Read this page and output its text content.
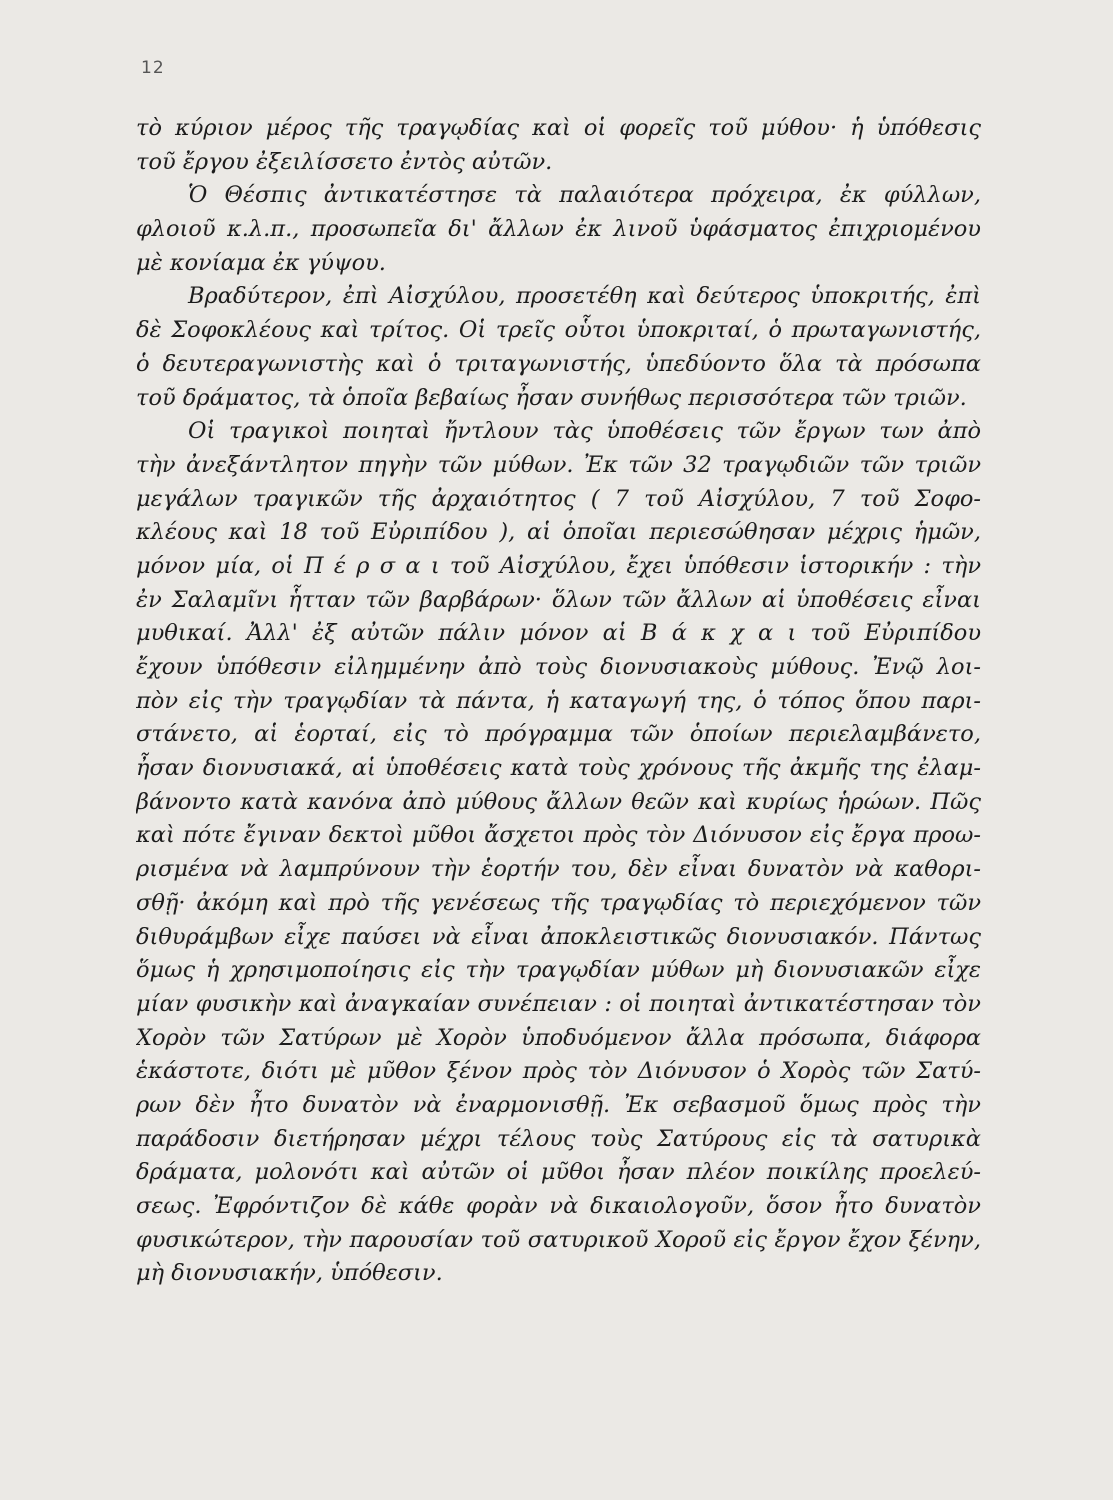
12
τὸ κύριον μέρος τῆς τραγῳδίας καὶ οἱ φορεῖς τοῦ μύθου· ἡ ὑπόθεσις
τοῦ ἔργου ἐξειλίσσετο ἐντὸς αὐτῶν.
Ὁ Θέσπις ἀντικατέστησε τὰ παλαιότερα πρόχειρα, ἐκ φύλλων,
φλοιοῦ κ.λ.π., προσωπεῖα δι' ἄλλων ἐκ λινοῦ ὑφάσματος ἐπιχριομένου
μὲ κονίαμα ἐκ γύψου.
Βραδύτερον, ἐπὶ Αἰσχύλου, προσετέθη καὶ δεύτερος ὑποκριτής, ἐπὶ
δὲ Σοφοκλέους καὶ τρίτος. Οἱ τρεῖς οὗτοι ὑποκριταί, ὁ πρωταγωνιστής,
ὁ δευτεραγωνιστὴς καὶ ὁ τριταγωνιστής, ὑπεδύοντο ὅλα τὰ πρόσωπα
τοῦ δράματος, τὰ ὁποῖα βεβαίως ἦσαν συνήθως περισσότερα τῶν τριῶν.
Οἱ τραγικοὶ ποιηταὶ ἤντλουν τὰς ὑποθέσεις τῶν ἔργων των ἀπὸ
τὴν ἀνεξάντλητον πηγὴν τῶν μύθων. Ἐκ τῶν 32 τραγῳδιῶν τῶν τριῶν
μεγάλων τραγικῶν τῆς ἀρχαιότητος ( 7 τοῦ Αἰσχύλου, 7 τοῦ Σοφο-
κλέους καὶ 18 τοῦ Εὐριπίδου ), αἱ ὁποῖαι περιεσώθησαν μέχρις ἡμῶν,
μόνον μία, οἱ Π έ ρ σ α ι τοῦ Αἰσχύλου, ἔχει ὑπόθεσιν ἱστορικήν : τὴν
ἐν Σαλαμῖνι ἧτταν τῶν βαρβάρων· ὅλων τῶν ἄλλων αἱ ὑποθέσεις εἶναι
μυθικαί. Ἀλλ' ἐξ αὐτῶν πάλιν μόνον αἱ Β ά κ χ α ι τοῦ Εὐριπίδου
ἔχουν ὑπόθεσιν εἰλημμένην ἀπὸ τοὺς διονυσιακοὺς μύθους. Ἐνῷ λοι-
πὸν εἰς τὴν τραγῳδίαν τὰ πάντα, ἡ καταγωγή της, ὁ τόπος ὅπου παρι-
στάνετο, αἱ ἑορταί, εἰς τὸ πρόγραμμα τῶν ὁποίων περιελαμβάνετο,
ἦσαν διονυσιακά, αἱ ὑποθέσεις κατὰ τοὺς χρόνους τῆς ἀκμῆς της ἐλαμ-
βάνοντο κατὰ κανόνα ἀπὸ μύθους ἄλλων θεῶν καὶ κυρίως ἡρώων. Πῶς
καὶ πότε ἔγιναν δεκτοὶ μῦθοι ἄσχετοι πρὸς τὸν Διόνυσον εἰς ἔργα προω-
ρισμένα νὰ λαμπρύνουν τὴν ἑορτήν του, δὲν εἶναι δυνατὸν νὰ καθορι-
σθῇ· ἀκόμη καὶ πρὸ τῆς γενέσεως τῆς τραγῳδίας τὸ περιεχόμενον τῶν
διθυράμβων εἶχε παύσει νὰ εἶναι ἀποκλειστικῶς διονυσιακόν. Πάντως
ὅμως ἡ χρησιμοποίησις εἰς τὴν τραγῳδίαν μύθων μὴ διονυσιακῶν εἶχε
μίαν φυσικὴν καὶ ἀναγκαίαν συνέπειαν : οἱ ποιηταὶ ἀντικατέστησαν τὸν
Χορὸν τῶν Σατύρων μὲ Χορὸν ὑποδυόμενον ἄλλα πρόσωπα, διάφορα
ἑκάστοτε, διότι μὲ μῦθον ξένον πρὸς τὸν Διόνυσον ὁ Χορὸς τῶν Σατύ-
ρων δὲν ἦτο δυνατὸν νὰ ἐναρμονισθῇ. Ἐκ σεβασμοῦ ὅμως πρὸς τὴν
παράδοσιν διετήρησαν μέχρι τέλους τοὺς Σατύρους εἰς τὰ σατυρικὰ
δράματα, μολονότι καὶ αὐτῶν οἱ μῦθοι ἦσαν πλέον ποικίλης προελεύ-
σεως. Ἐφρόντιζον δὲ κάθε φορὰν νὰ δικαιολογοῦν, ὅσον ἦτο δυνατὸν
φυσικώτερον, τὴν παρουσίαν τοῦ σατυρικοῦ Χοροῦ εἰς ἔργον ἔχον ξένην,
μὴ διονυσιακήν, ὑπόθεσιν.
